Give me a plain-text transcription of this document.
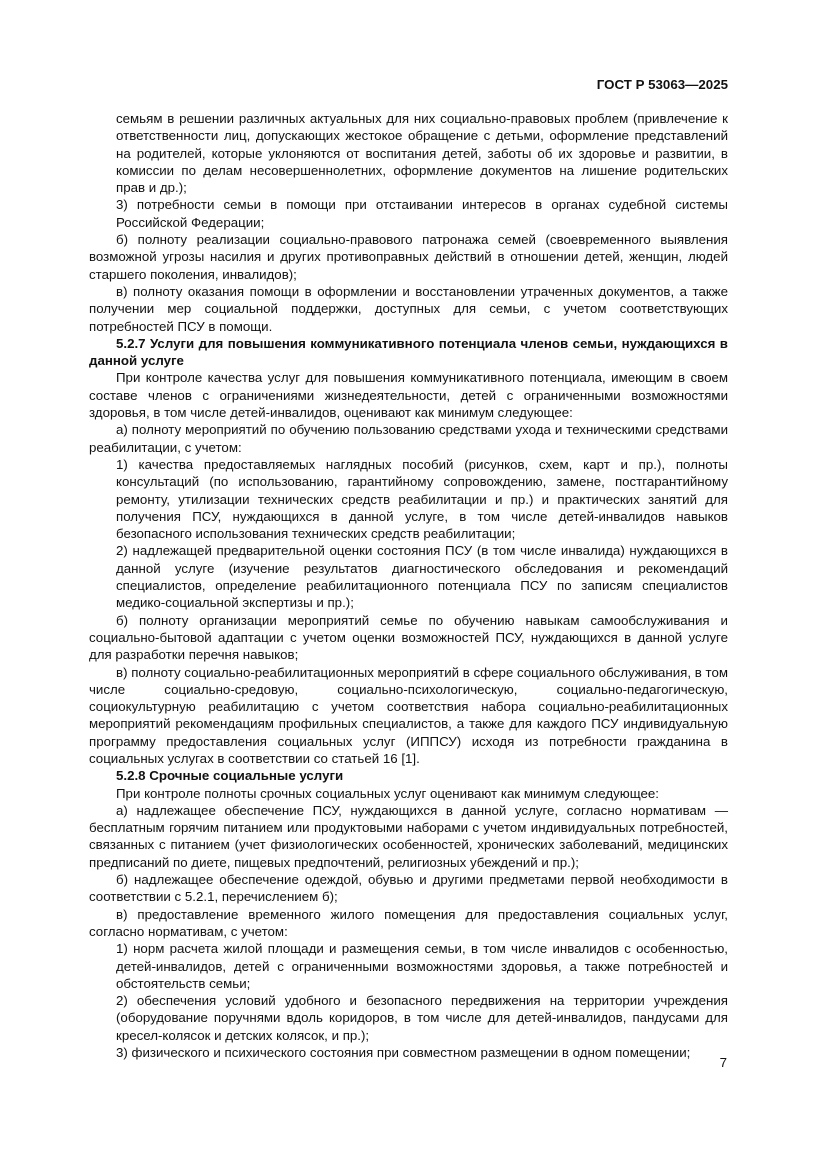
ГОСТ Р 53063—2025

семьям в решении различных актуальных для них социально-правовых проблем (привлечение к ответственности лиц, допускающих жестокое обращение с детьми, оформление представлений на родителей, которые уклоняются от воспитания детей, заботы об их здоровье и развитии, в комиссии по делам несовершеннолетних, оформление документов на лишение родительских прав и др.);

3) потребности семьи в помощи при отстаивании интересов в органах судебной системы Российской Федерации;

б) полноту реализации социально-правового патронажа семей (своевременного выявления возможной угрозы насилия и других противоправных действий в отношении детей, женщин, людей старшего поколения, инвалидов);

в) полноту оказания помощи в оформлении и восстановлении утраченных документов, а также получении мер социальной поддержки, доступных для семьи, с учетом соответствующих потребностей ПСУ в помощи.

5.2.7 Услуги для повышения коммуникативного потенциала членов семьи, нуждающихся в данной услуге

При контроле качества услуг для повышения коммуникативного потенциала, имеющим в своем составе членов с ограничениями жизнедеятельности, детей с ограниченными возможностями здоровья, в том числе детей-инвалидов, оценивают как минимум следующее:

а) полноту мероприятий по обучению пользованию средствами ухода и техническими средствами реабилитации, с учетом:

1) качества предоставляемых наглядных пособий (рисунков, схем, карт и пр.), полноты консультаций (по использованию, гарантийному сопровождению, замене, постгарантийному ремонту, утилизации технических средств реабилитации и пр.) и практических занятий для получения ПСУ, нуждающихся в данной услуге, в том числе детей-инвалидов навыков безопасного использования технических средств реабилитации;

2) надлежащей предварительной оценки состояния ПСУ (в том числе инвалида) нуждающихся в данной услуге (изучение результатов диагностического обследования и рекомендаций специалистов, определение реабилитационного потенциала ПСУ по записям специалистов медико-социальной экспертизы и пр.);

б) полноту организации мероприятий семье по обучению навыкам самообслуживания и социально-бытовой адаптации с учетом оценки возможностей ПСУ, нуждающихся в данной услуге для разработки перечня навыков;

в) полноту социально-реабилитационных мероприятий в сфере социального обслуживания, в том числе социально-средовую, социально-психологическую, социально-педагогическую, социокультурную реабилитацию с учетом соответствия набора социально-реабилитационных мероприятий рекомендациям профильных специалистов, а также для каждого ПСУ индивидуальную программу предоставления социальных услуг (ИППСУ) исходя из потребности гражданина в социальных услугах в соответствии со статьей 16 [1].

5.2.8 Срочные социальные услуги

При контроле полноты срочных социальных услуг оценивают как минимум следующее:

а) надлежащее обеспечение ПСУ, нуждающихся в данной услуге, согласно нормативам — бесплатным горячим питанием или продуктовыми наборами с учетом индивидуальных потребностей, связанных с питанием (учет физиологических особенностей, хронических заболеваний, медицинских предписаний по диете, пищевых предпочтений, религиозных убеждений и пр.);

б) надлежащее обеспечение одеждой, обувью и другими предметами первой необходимости в соответствии с 5.2.1, перечислением б);

в) предоставление временного жилого помещения для предоставления социальных услуг, согласно нормативам, с учетом:

1) норм расчета жилой площади и размещения семьи, в том числе инвалидов с особенностью, детей-инвалидов, детей с ограниченными возможностями здоровья, а также потребностей и обстоятельств семьи;

2) обеспечения условий удобного и безопасного передвижения на территории учреждения (оборудование поручнями вдоль коридоров, в том числе для детей-инвалидов, пандусами для кресел-колясок и детских колясок, и пр.);

3) физического и психического состояния при совместном размещении в одном помещении;

7
